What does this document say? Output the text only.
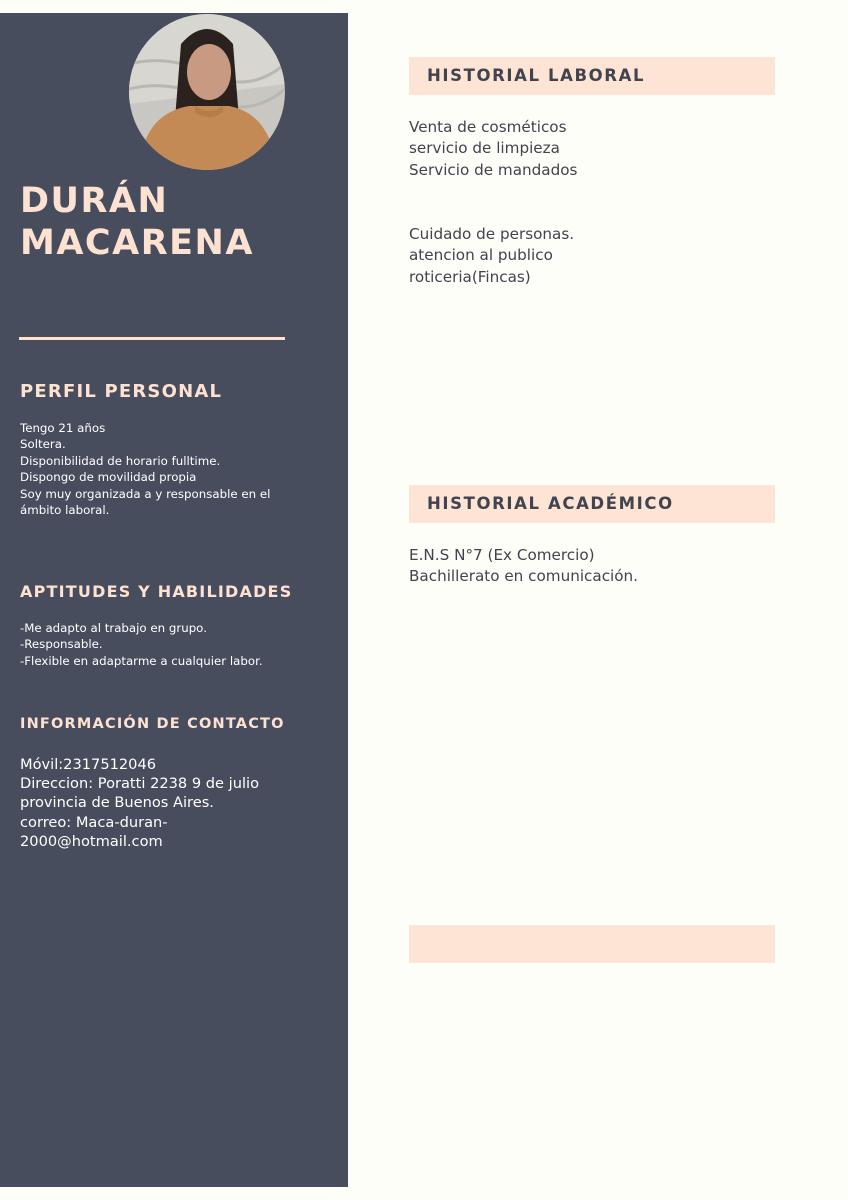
DURÁN
MACARENA
PERFIL PERSONAL
Tengo 21 años
Soltera.
Disponibilidad de horario fulltime.
Dispongo de movilidad propia
Soy muy organizada a y responsable en el
ámbito laboral.
APTITUDES Y HABILIDADES
-Me adapto al trabajo en grupo.
-Responsable.
-Flexible en adaptarme a cualquier labor.
INFORMACIÓN DE CONTACTO
Móvil:2317512046
Direccion: Poratti 2238 9 de julio
provincia de Buenos Aires.
correo: Maca-duran-
2000@hotmail.com
HISTORIAL LABORAL
Venta de cosméticos
servicio de limpieza
Servicio de mandados
Cuidado de personas.
atencion al publico
roticeria(Fincas)
HISTORIAL ACADÉMICO
E.N.S N°7 (Ex Comercio)
Bachillerato en comunicación.
